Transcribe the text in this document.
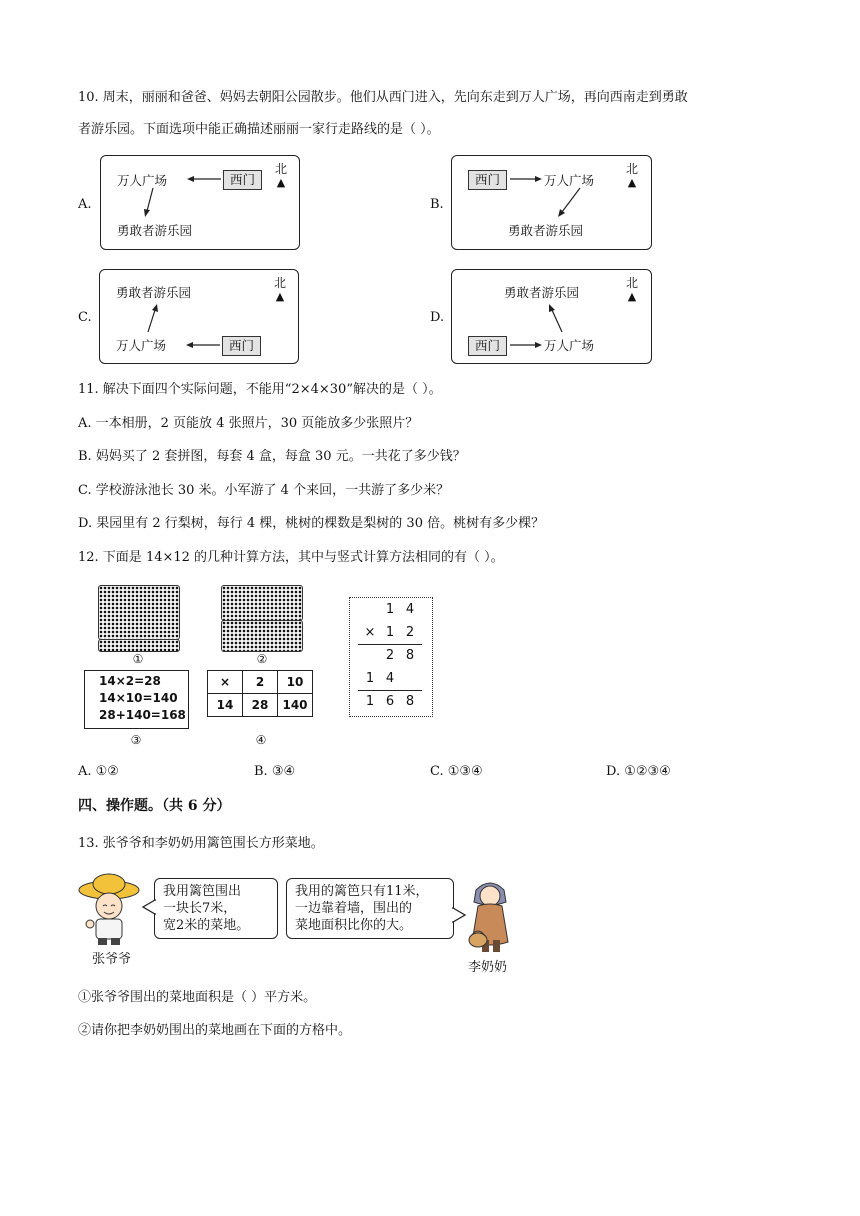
10. 周末，丽丽和爸爸、妈妈去朝阳公园散步。他们从西门进入，先向东走到万人广场，再向西南走到勇敢
者游乐园。下面选项中能正确描述丽丽一家行走路线的是（ ）。
A.
万人广场	西门
勇敢者游乐园
北
▲
B.
西门	万人广场
勇敢者游乐园
北
▲
C.
勇敢者游乐园
万人广场	西门
北
▲
D.
勇敢者游乐园
西门	万人广场
北
▲
11. 解决下面四个实际问题，不能用“2×4×30”解决的是（ ）。
A. 一本相册，2 页能放 4 张照片，30 页能放多少张照片？
B. 妈妈买了 2 套拼图，每套 4 盒，每盒 30 元。一共花了多少钱？
C. 学校游泳池长 30 米。小军游了 4 个来回，一共游了多少米？
D. 果园里有 2 行梨树，每行 4 棵，桃树的棵数是梨树的 30 倍。桃树有多少棵？
12. 下面是 14×12 的几种计算方法，其中与竖式计算方法相同的有（ ）。
①	②
14×2=28
14×10=140
28+140=168
③
×	2	10
14	28	140
④
1 4
× 1 2
2 8
1 4
1 6 8
A. ①②	B. ③④	C. ①③④	D. ①②③④
四、操作题。（共 6 分）
13. 张爷爷和李奶奶用篱笆围长方形菜地。
张爷爷
我用篱笆围出
一块长7米，
宽2米的菜地。
我用的篱笆只有11米，
一边靠着墙，围出的
菜地面积比你的大。
李奶奶
①张爷爷围出的菜地面积是（ ）平方米。
②请你把李奶奶围出的菜地画在下面的方格中。
